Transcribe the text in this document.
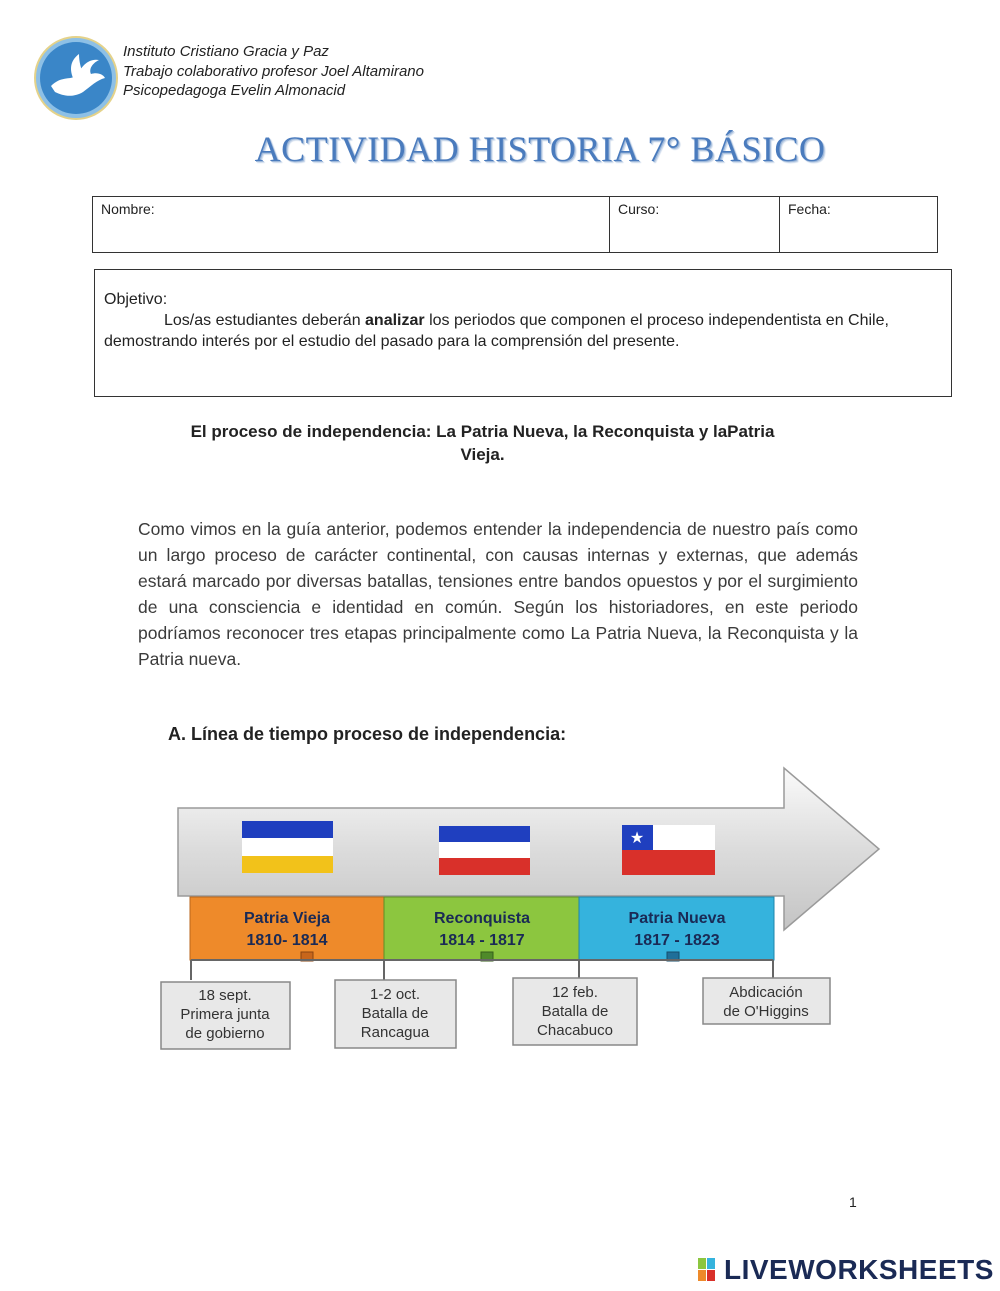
Instituto Cristiano Gracia y Paz
Trabajo colaborativo profesor Joel Altamirano
Psicopedagoga Evelin Almonacid
ACTIVIDAD HISTORIA 7° BÁSICO
Nombre:	Curso:	Fecha:
Objetivo:
Los/as estudiantes deberán analizar los periodos que componen el proceso independentista en Chile, demostrando interés por el estudio del pasado para la comprensión del presente.
El proceso de independencia: La Patria Nueva, la Reconquista y laPatria
Vieja.
Como vimos en la guía anterior, podemos entender la independencia de nuestro país como un largo proceso de carácter continental, con causas internas y externas, que además estará marcado por diversas batallas, tensiones entre bandos opuestos y por el surgimiento de una consciencia e identidad en común. Según los historiadores, en este periodo podríamos reconocer tres etapas principalmente como La Patria Nueva, la Reconquista y la Patria nueva.
A. Línea de tiempo proceso de independencia:
★
Patria Vieja
1810- 1814
Reconquista
1814 - 1817
Patria Nueva
1817 - 1823
18 sept.
Primera junta
de gobierno
1-2 oct.
Batalla de
Rancagua
12 feb.
Batalla de
Chacabuco
Abdicación
de O'Higgins
1
LIVEWORKSHEETS
